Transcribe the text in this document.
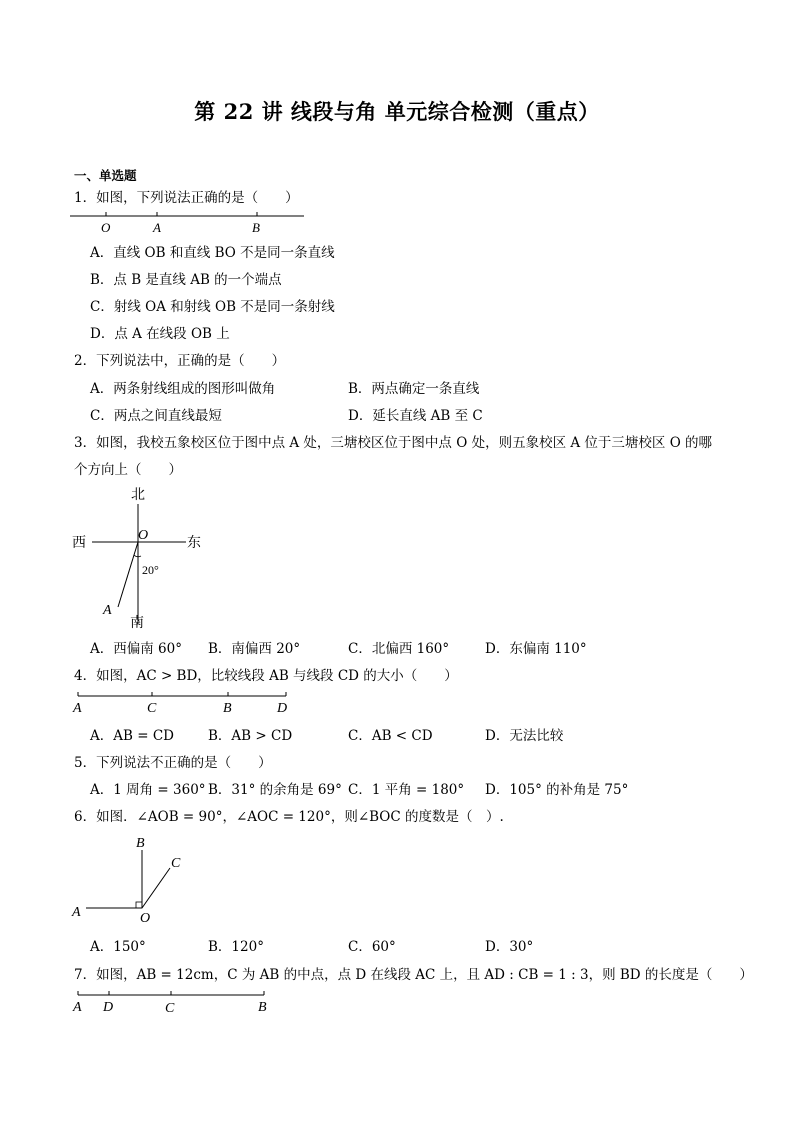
第 22 讲 线段与角 单元综合检测（重点）
一、单选题
1．如图，下列说法正确的是（　　）
O	A	B
A．直线 OB 和直线 BO 不是同一条直线
B．点 B 是直线 AB 的一个端点
C．射线 OA 和射线 OB 不是同一条射线
D．点 A 在线段 OB 上
2．下列说法中，正确的是（　　）
A．两条射线组成的图形叫做角	B．两点确定一条直线
C．两点之间直线最短	D．延长直线 AB 至 C
3．如图，我校五象校区位于图中点 A 处，三塘校区位于图中点 O 处，则五象校区 A 位于三塘校区 O 的哪
个方向上（　　）
北
南
西	东
O
A
20°
A．西偏南 60° B．南偏西 20°	C．北偏西 160°	D．东偏南 110°
4．如图，AC > BD，比较线段 AB 与线段 CD 的大小（　　）
A	C	B	D
A．AB = CD	B．AB > CD	C．AB < CD	D．无法比较
5．下列说法不正确的是（　　）
A．1 周角 = 360° B．31° 的余角是 69° C．1 平角 = 180° D．105° 的补角是 75°
6．如图．∠AOB = 90°，∠AOC = 120°，则∠BOC 的度数是（　）.
B
C
A	O
A．150°	B．120°	C．60°	D．30°
7．如图，AB = 12cm，C 为 AB 的中点，点 D 在线段 AC 上，且 AD : CB = 1 : 3，则 BD 的长度是（　　）
A D	C	B
